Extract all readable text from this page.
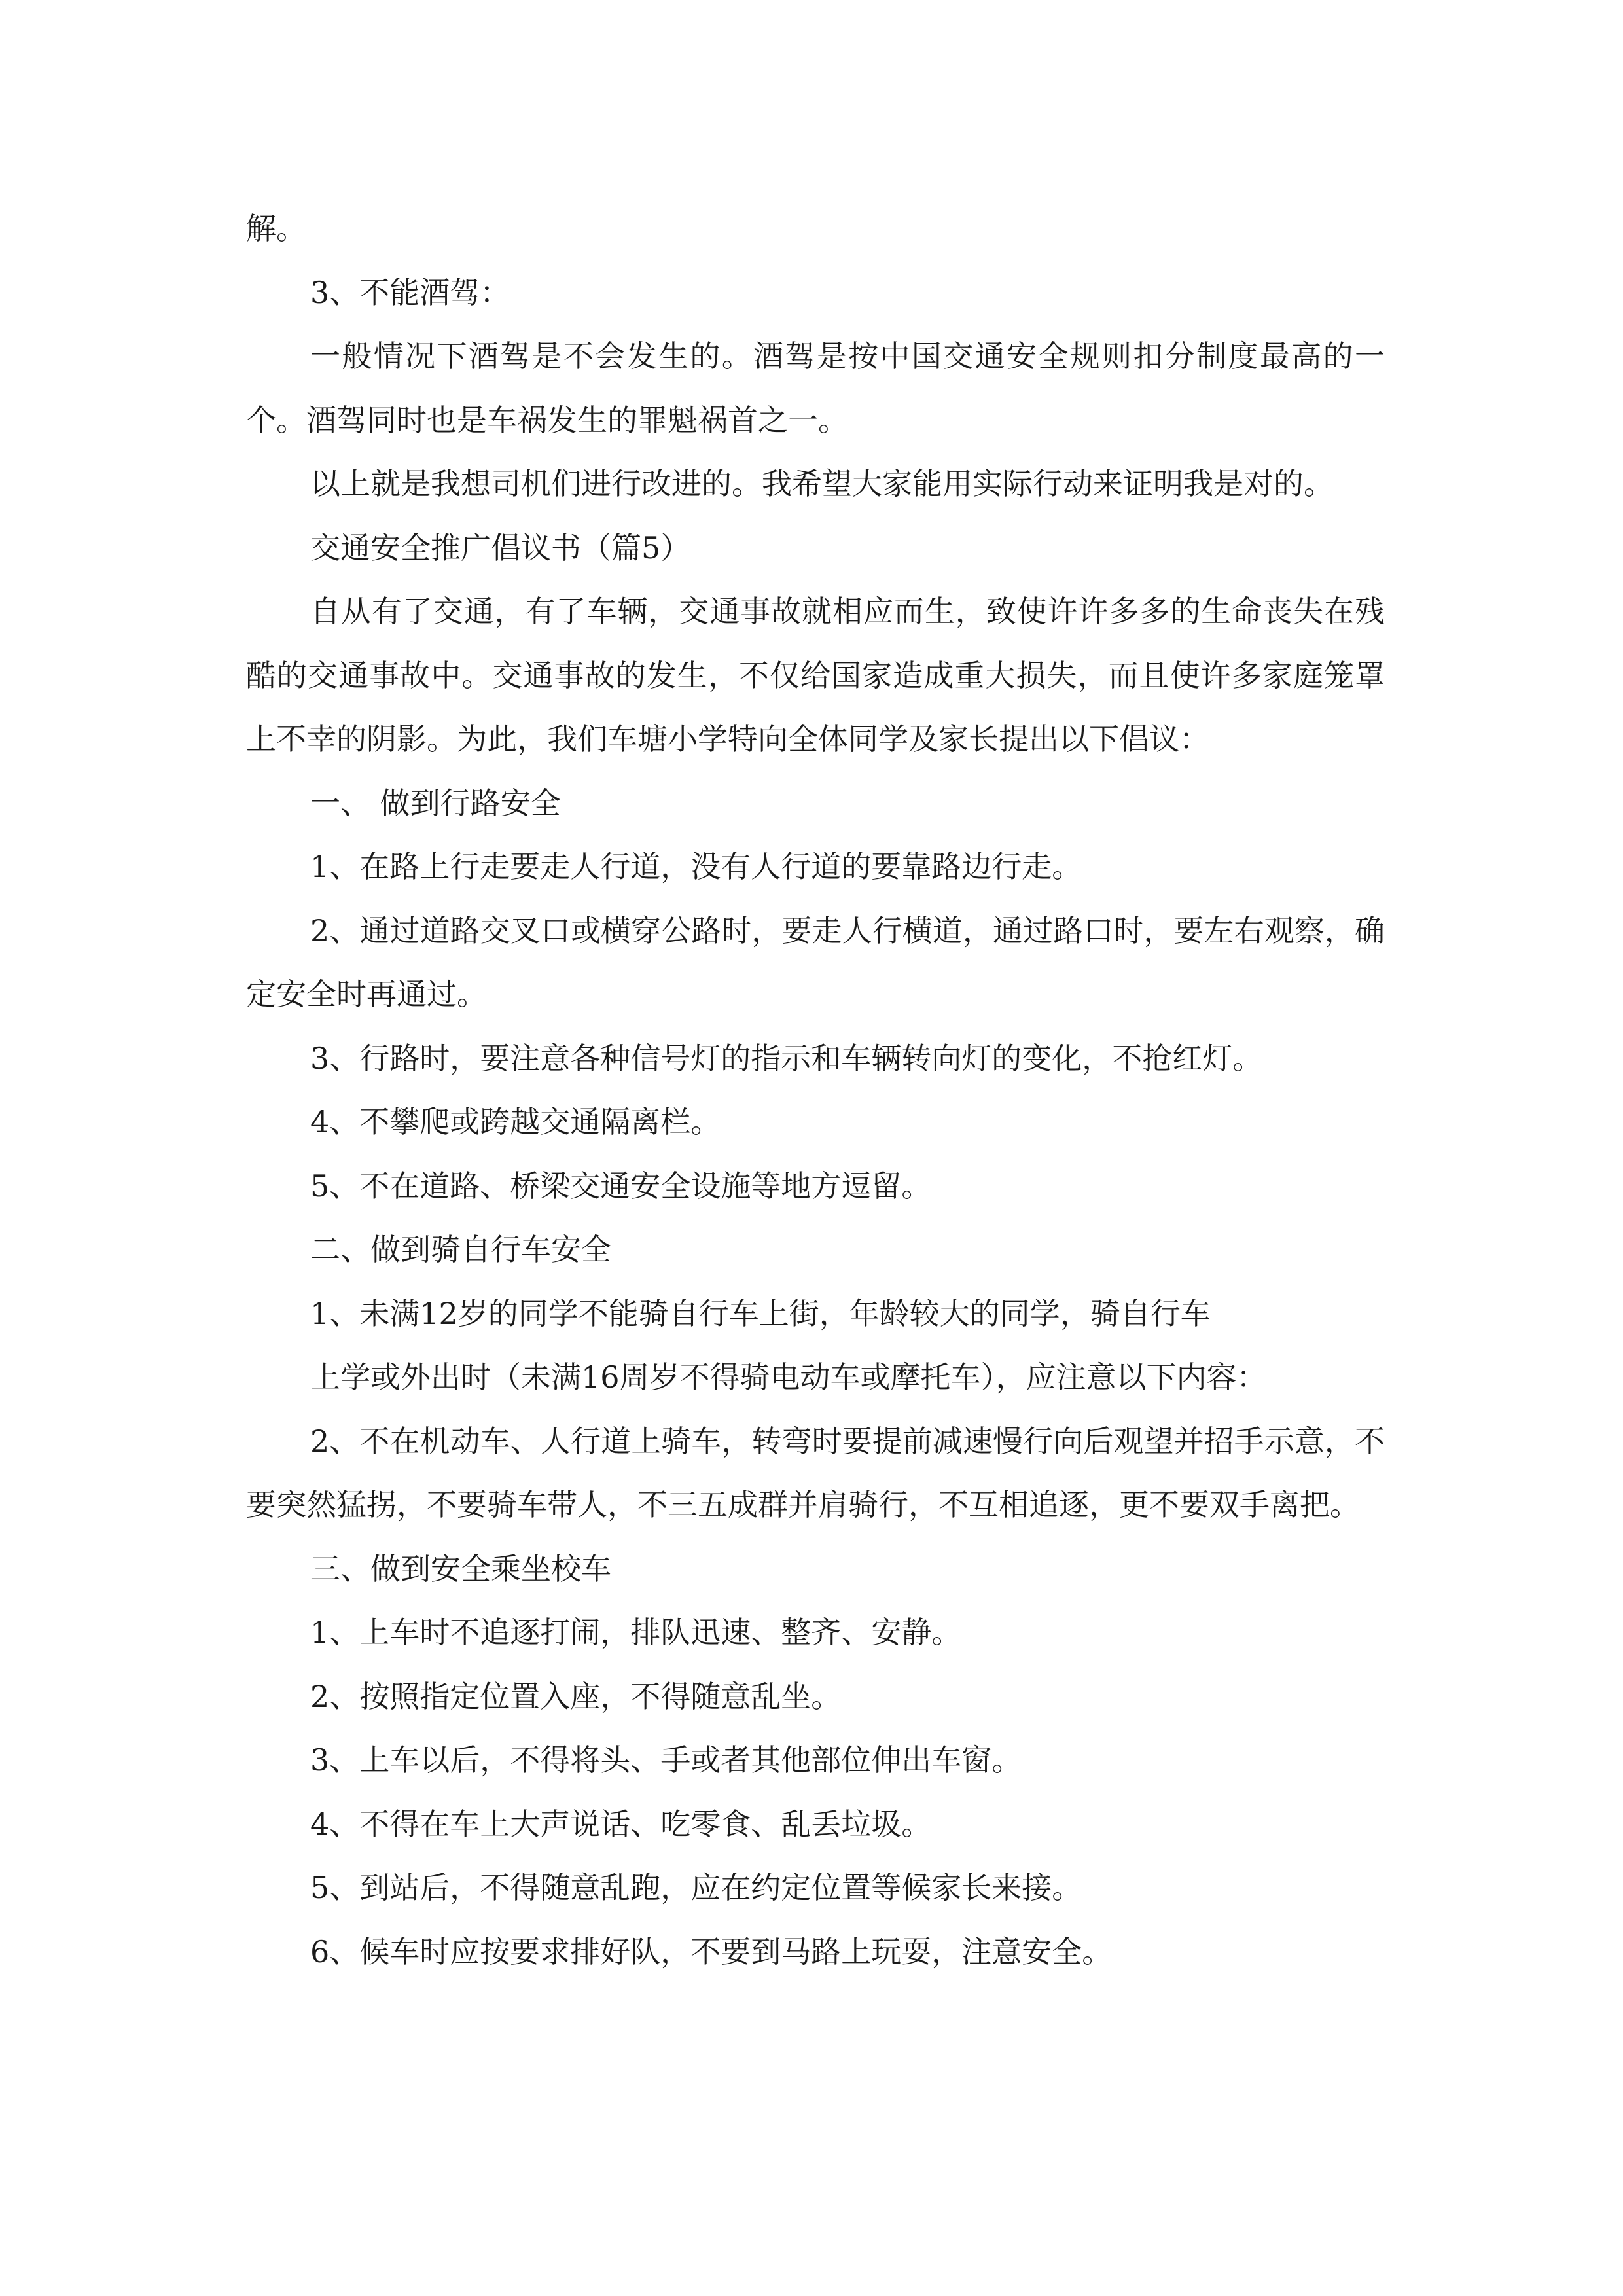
解。

3、不能酒驾：

一般情况下酒驾是不会发生的。酒驾是按中国交通安全规则扣分制度最高的一个。酒驾同时也是车祸发生的罪魁祸首之一。

以上就是我想司机们进行改进的。我希望大家能用实际行动来证明我是对的。

交通安全推广倡议书（篇5）

自从有了交通，有了车辆，交通事故就相应而生，致使许许多多的生命丧失在残酷的交通事故中。交通事故的发生，不仅给国家造成重大损失，而且使许多家庭笼罩上不幸的阴影。为此，我们车塘小学特向全体同学及家长提出以下倡议：

一、 做到行路安全

1、在路上行走要走人行道，没有人行道的要靠路边行走。

2、通过道路交叉口或横穿公路时，要走人行横道，通过路口时，要左右观察，确定安全时再通过。

3、行路时，要注意各种信号灯的指示和车辆转向灯的变化，不抢红灯。

4、不攀爬或跨越交通隔离栏。

5、不在道路、桥梁交通安全设施等地方逗留。

二、做到骑自行车安全

1、未满12岁的同学不能骑自行车上街，年龄较大的同学，骑自行车

上学或外出时（未满16周岁不得骑电动车或摩托车），应注意以下内容：

2、不在机动车、人行道上骑车，转弯时要提前减速慢行向后观望并招手示意，不要突然猛拐，不要骑车带人，不三五成群并肩骑行，不互相追逐，更不要双手离把。

三、做到安全乘坐校车

1、上车时不追逐打闹，排队迅速、整齐、安静。

2、按照指定位置入座，不得随意乱坐。

3、上车以后，不得将头、手或者其他部位伸出车窗。

4、不得在车上大声说话、吃零食、乱丢垃圾。

5、到站后，不得随意乱跑，应在约定位置等候家长来接。

6、候车时应按要求排好队，不要到马路上玩耍，注意安全。
